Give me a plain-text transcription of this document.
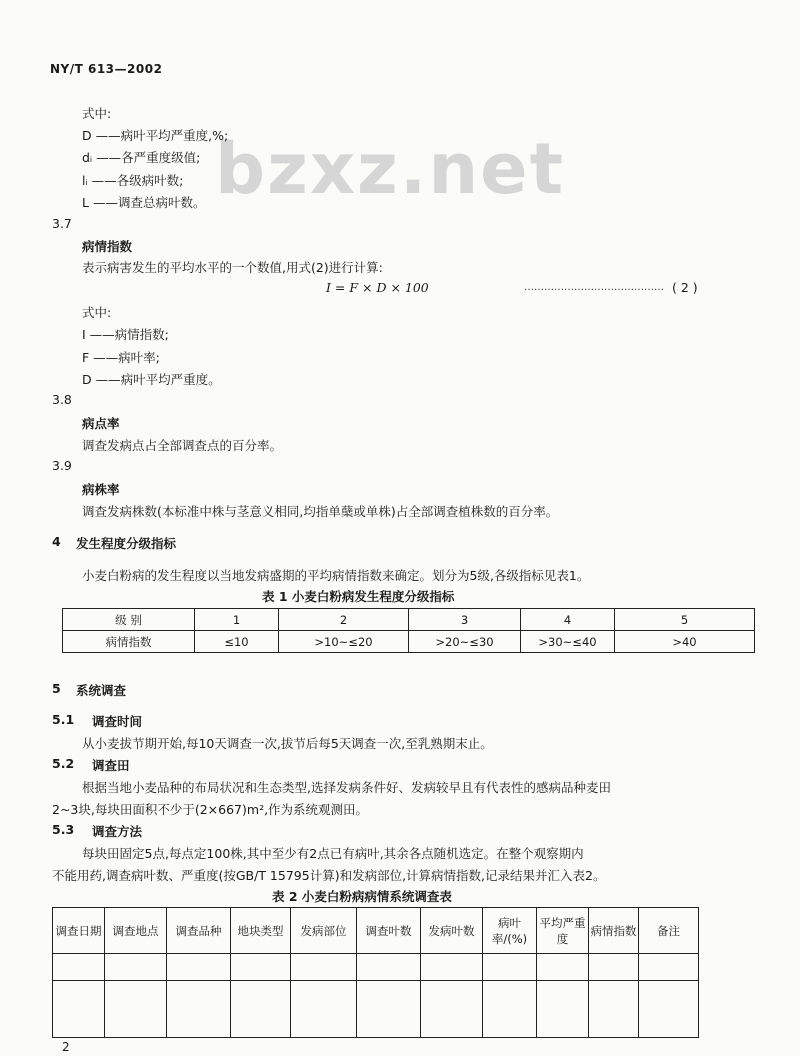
NY/T 613—2002
bzxz.net
式中:
D ——病叶平均严重度,%;
dᵢ ——各严重度级值;
lᵢ ——各级病叶数;
L ——调查总病叶数。
3.7
病情指数
表示病害发生的平均水平的一个数值,用式(2)进行计算:
I = F × D × 100	…………………………………… ( 2 )
式中:
I ——病情指数;
F ——病叶率;
D ——病叶平均严重度。
3.8
病点率
调查发病点占全部调查点的百分率。
3.9
病株率
调查发病株数(本标准中株与茎意义相同,均指单蘖或单株)占全部调查植株数的百分率。
4 发生程度分级指标
小麦白粉病的发生程度以当地发病盛期的平均病情指数来确定。划分为5级,各级指标见表1。
表 1 小麦白粉病发生程度分级指标
级 别	1	2	3	4	5
病情指数	≤10	>10~≤20	>20~≤30	>30~≤40	>40
5 系统调查
5.1 调查时间
从小麦拔节期开始,每10天调查一次,拔节后每5天调查一次,至乳熟期末止。
5.2 调查田
根据当地小麦品种的布局状况和生态类型,选择发病条件好、发病较早且有代表性的感病品种麦田
2~3块,每块田面积不少于(2×667)m²,作为系统观测田。
5.3 调查方法
每块田固定5点,每点定100株,其中至少有2点已有病叶,其余各点随机选定。在整个观察期内
不能用药,调查病叶数、严重度(按GB/T 15795计算)和发病部位,计算病情指数,记录结果并汇入表2。
表 2 小麦白粉病病情系统调查表
调查日期	调查地点	调查品种	地块类型	发病部位	调查叶数	发病叶数	病叶率/(%)	平均严重度	病情指数	备注

2
